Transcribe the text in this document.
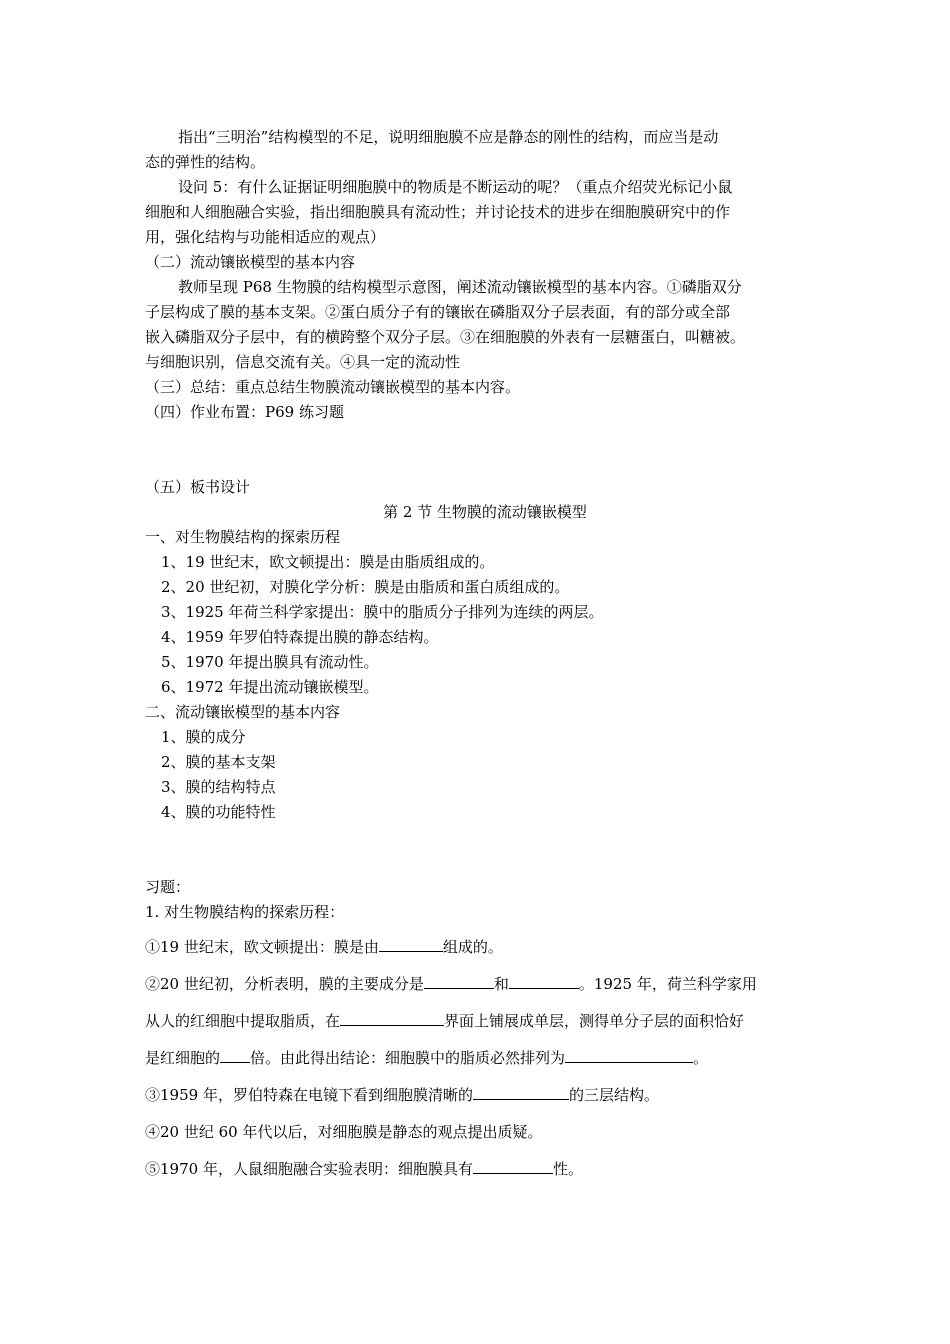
指出“三明治”结构模型的不足，说明细胞膜不应是静态的刚性的结构，而应当是动
态的弹性的结构。
设问 5：有什么证据证明细胞膜中的物质是不断运动的呢？（重点介绍荧光标记小鼠
细胞和人细胞融合实验，指出细胞膜具有流动性；并讨论技术的进步在细胞膜研究中的作
用，强化结构与功能相适应的观点）
（二）流动镶嵌模型的基本内容
教师呈现 P68 生物膜的结构模型示意图，阐述流动镶嵌模型的基本内容。①磷脂双分
子层构成了膜的基本支架。②蛋白质分子有的镶嵌在磷脂双分子层表面，有的部分或全部
嵌入磷脂双分子层中，有的横跨整个双分子层。③在细胞膜的外表有一层糖蛋白，叫糖被。
与细胞识别，信息交流有关。④具一定的流动性
（三）总结：重点总结生物膜流动镶嵌模型的基本内容。
（四）作业布置：P69 练习题
（五）板书设计
第 2 节 生物膜的流动镶嵌模型
一、对生物膜结构的探索历程
1、19 世纪末，欧文顿提出：膜是由脂质组成的。
2、20 世纪初，对膜化学分析：膜是由脂质和蛋白质组成的。
3、1925 年荷兰科学家提出：膜中的脂质分子排列为连续的两层。
4、1959 年罗伯特森提出膜的静态结构。
5、1970 年提出膜具有流动性。
6、1972 年提出流动镶嵌模型。
二、流动镶嵌模型的基本内容
1、膜的成分
2、膜的基本支架
3、膜的结构特点
4、膜的功能特性
习题：
1. 对生物膜结构的探索历程：
①19 世纪末，欧文顿提出：膜是由	组成的。
②20 世纪初，分析表明，膜的主要成分是	和	。1925 年，荷兰科学家用
从人的红细胞中提取脂质，在	界面上铺展成单层，测得单分子层的面积恰好
是红细胞的 倍。由此得出结论：细胞膜中的脂质必然排列为	。
③1959 年，罗伯特森在电镜下看到细胞膜清晰的	的三层结构。
④20 世纪 60 年代以后，对细胞膜是静态的观点提出质疑。
⑤1970 年，人鼠细胞融合实验表明：细胞膜具有	性。
